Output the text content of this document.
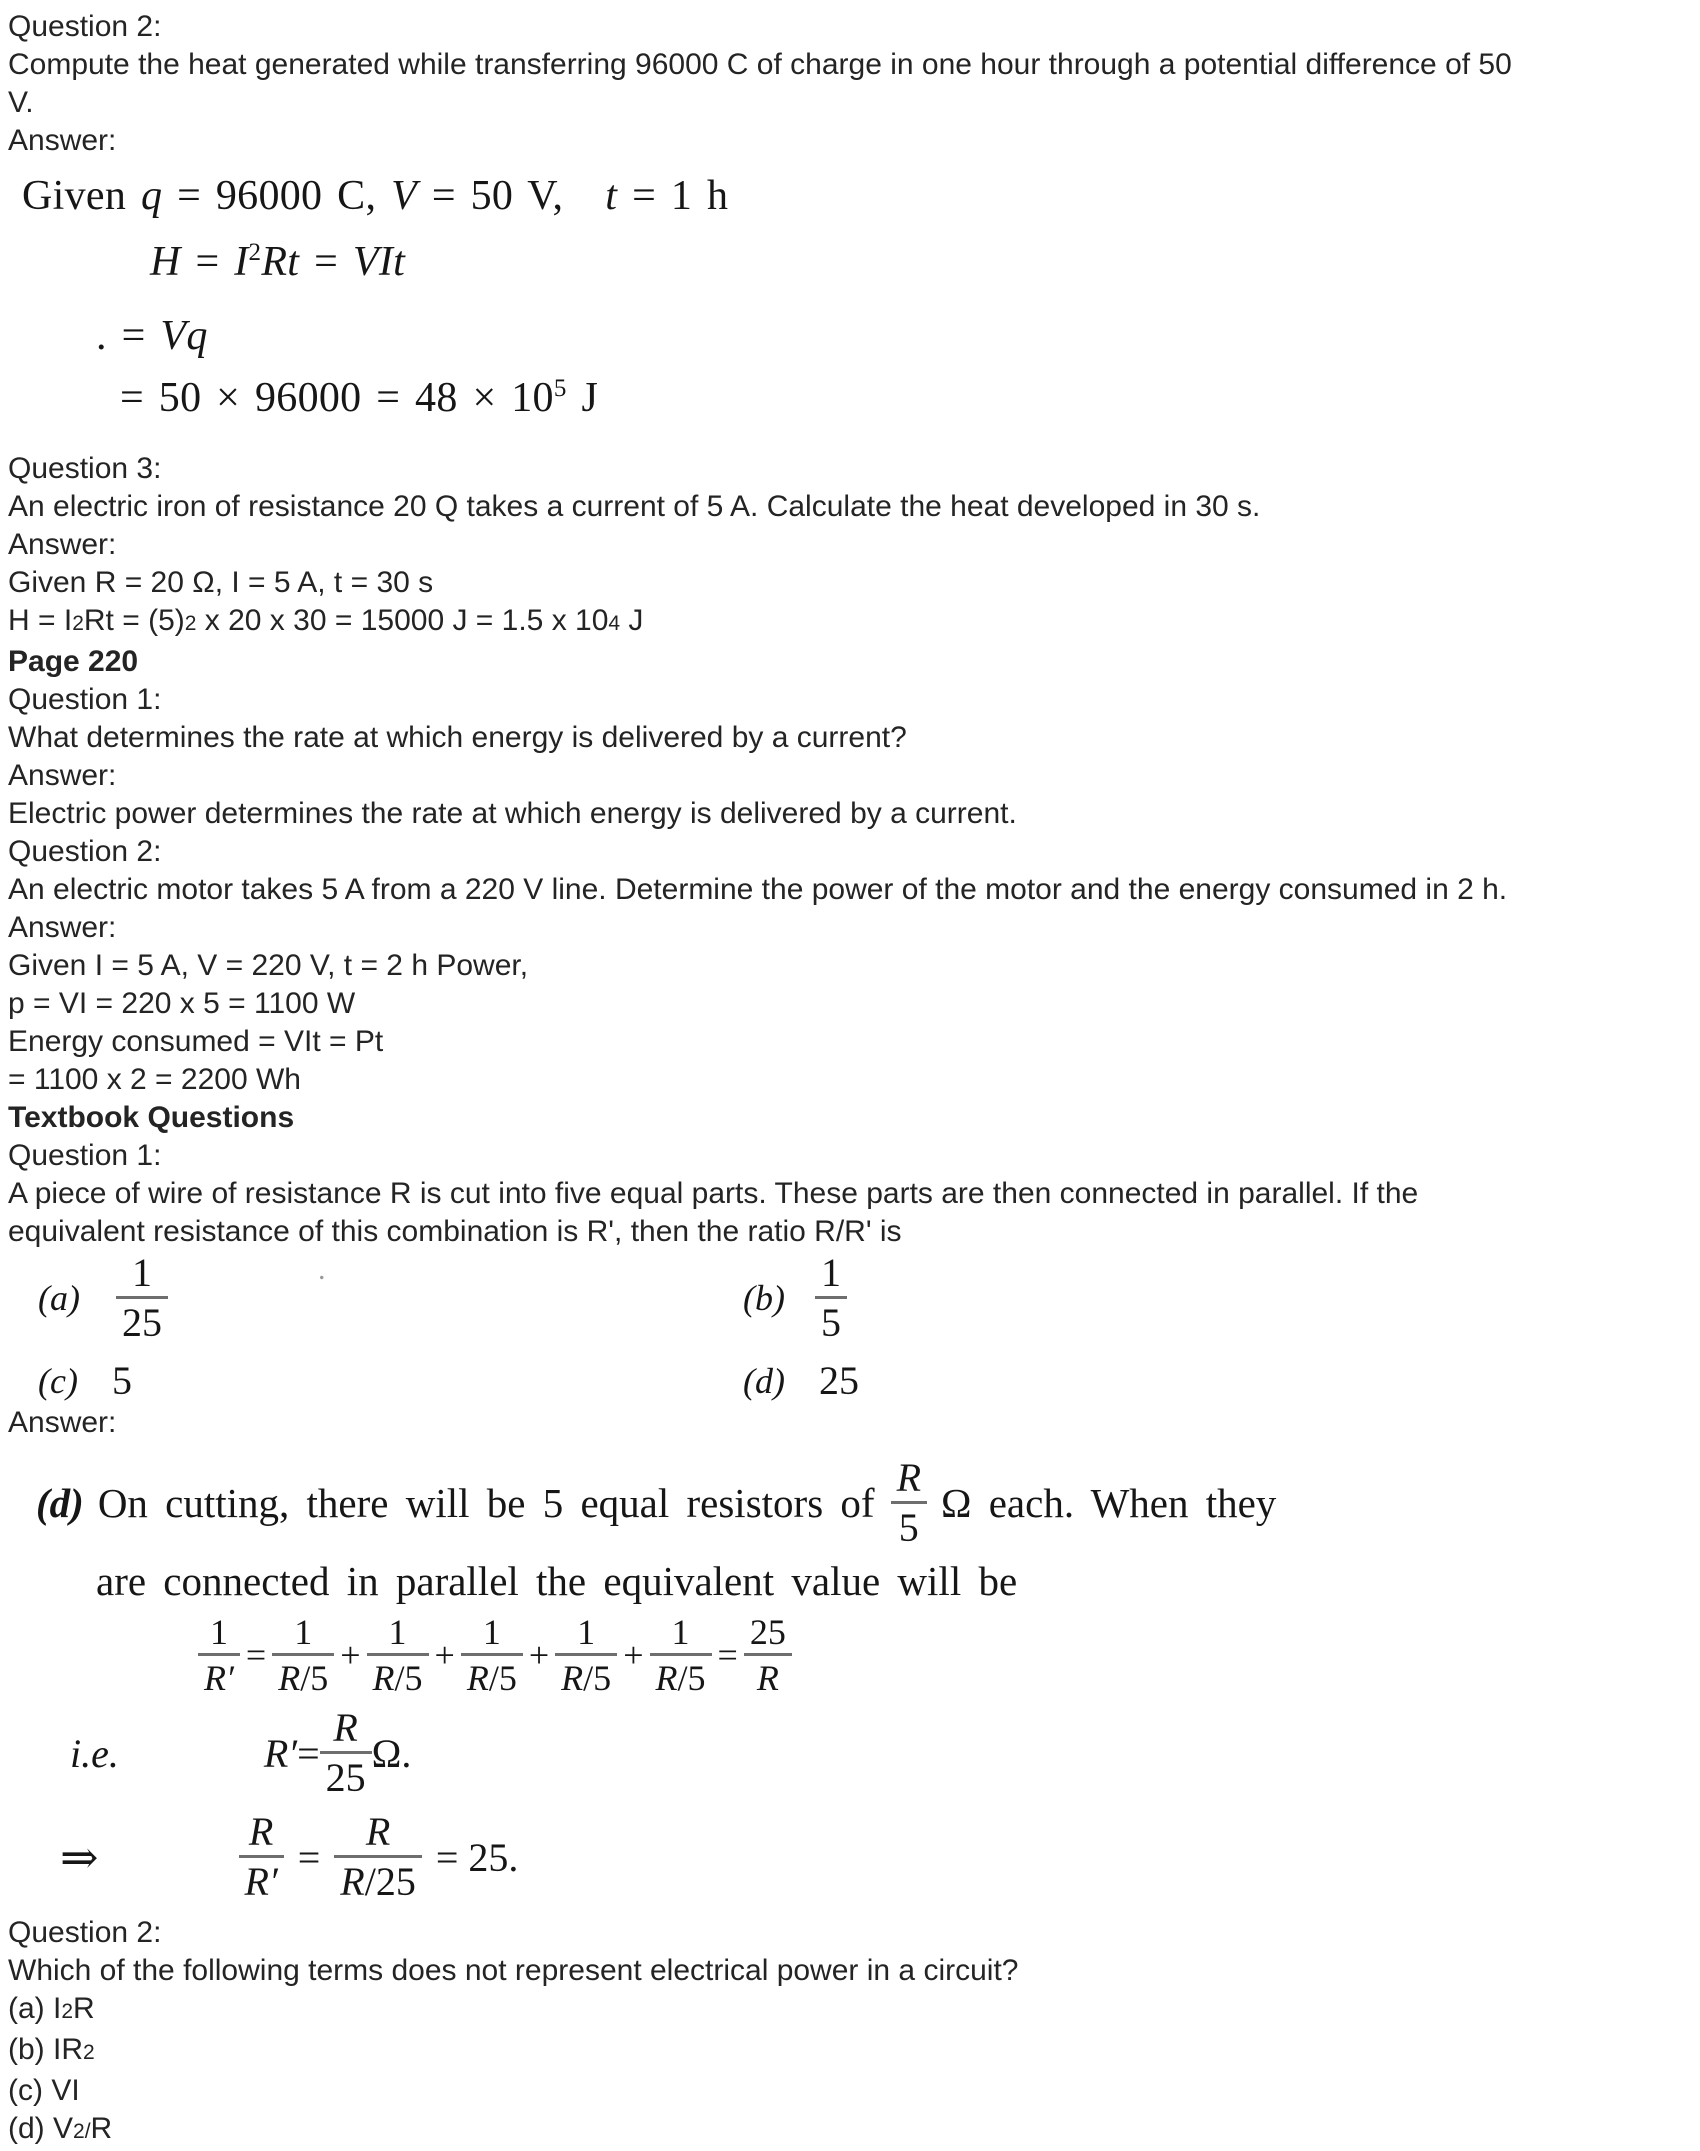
Question 2:
Compute the heat generated while transferring 96000 C of charge in one hour through a potential difference of 50
V.
Answer:
Given q = 96000 C, V = 50 V, t = 1 h
$H = I^2Rt$ = VIt
. = Vq
= $50 \times 96000 = 48 \times 10^5$ J
Question 3:
An electric iron of resistance 20 Q takes a current of 5 A. Calculate the heat developed in 30 s.
Answer:
Given R = 20 Ω, I = 5 A, t = 30 s
H = I2Rt = (5)2 x 20 x 30 = 15000 J = 1.5 x 104 J
Page 220
Question 1:
What determines the rate at which energy is delivered by a current?
Answer:
Electric power determines the rate at which energy is delivered by a current.
Question 2:
An electric motor takes 5 A from a 220 V line. Determine the power of the motor and the energy consumed in 2 h.
Answer:
Given I = 5 A, V = 220 V, t = 2 h Power,
p = VI = 220 x 5 = 1100 W
Energy consumed = VIt = Pt
= 1100 x 2 = 2200 Wh
Textbook Questions
Question 1:
A piece of wire of resistance R is cut into five equal parts. These parts are then connected in parallel. If the
equivalent resistance of this combination is R', then the ratio R/R' is
$(a) \frac{1}{25}$	.
$(b) \frac{1}{5}$
(c) 5	(d) 25
Answer:
(d) On cutting, there will be 5 equal resistors of $\frac{R}{5}$ Ω each. When they
are connected in parallel the equivalent value will be
$\frac{1}{R'} = \frac{1}{R/5} + \frac{1}{R/5} + \frac{1}{R/5} + \frac{1}{R/5} + \frac{1}{R/5} = \frac{25}{R}$
i.e.	$R' = \frac{R}{25} \Omega$.
⇒	$\frac{R}{R'} = \frac{R}{R/25} = 25$.
Question 2:
Which of the following terms does not represent electrical power in a circuit?
(a) I2R
(b) IR2
(c) VI
(d) V2/R
